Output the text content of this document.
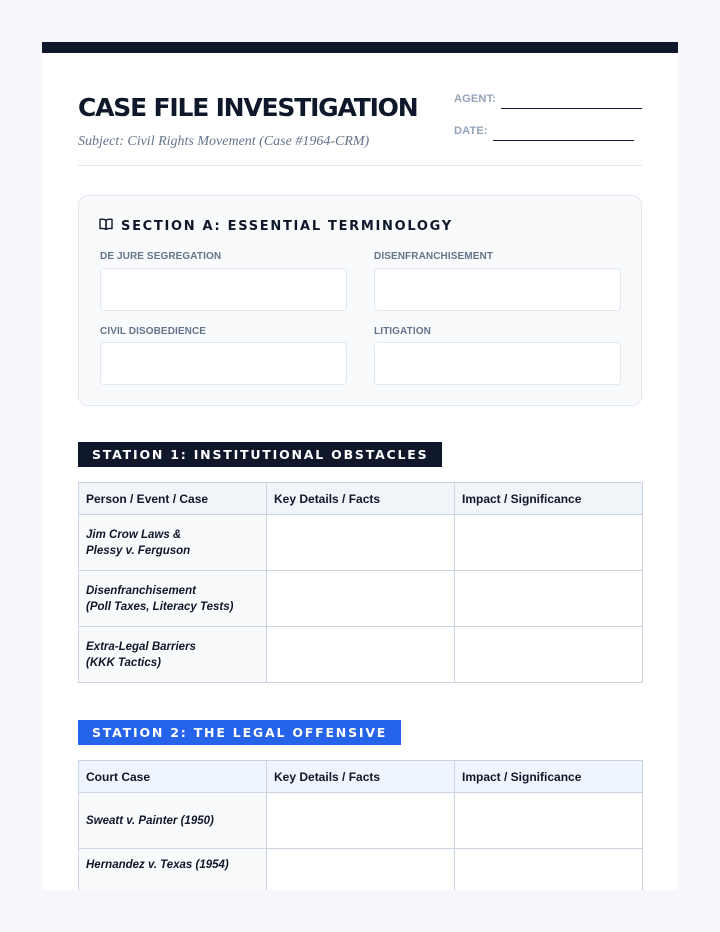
CASE FILE INVESTIGATION
Subject: Civil Rights Movement (Case #1964-CRM)
AGENT:
DATE:
SECTION A: ESSENTIAL TERMINOLOGY
DE JURE SEGREGATION	DISENFRANCHISEMENT
CIVIL DISOBEDIENCE	LITIGATION
STATION 1: INSTITUTIONAL OBSTACLES
Person / Event / Case	Key Details / Facts	Impact / Significance

Jim Crow Laws &
Plessy v. Ferguson		

Disenfranchisement
(Poll Taxes, Literacy Tests)		

Extra-Legal Barriers
(KKK Tactics)		

STATION 2: THE LEGAL OFFENSIVE
Court Case	Key Details / Facts	Impact / Significance
Sweatt v. Painter (1950)		
Hernandez v. Texas (1954)		
